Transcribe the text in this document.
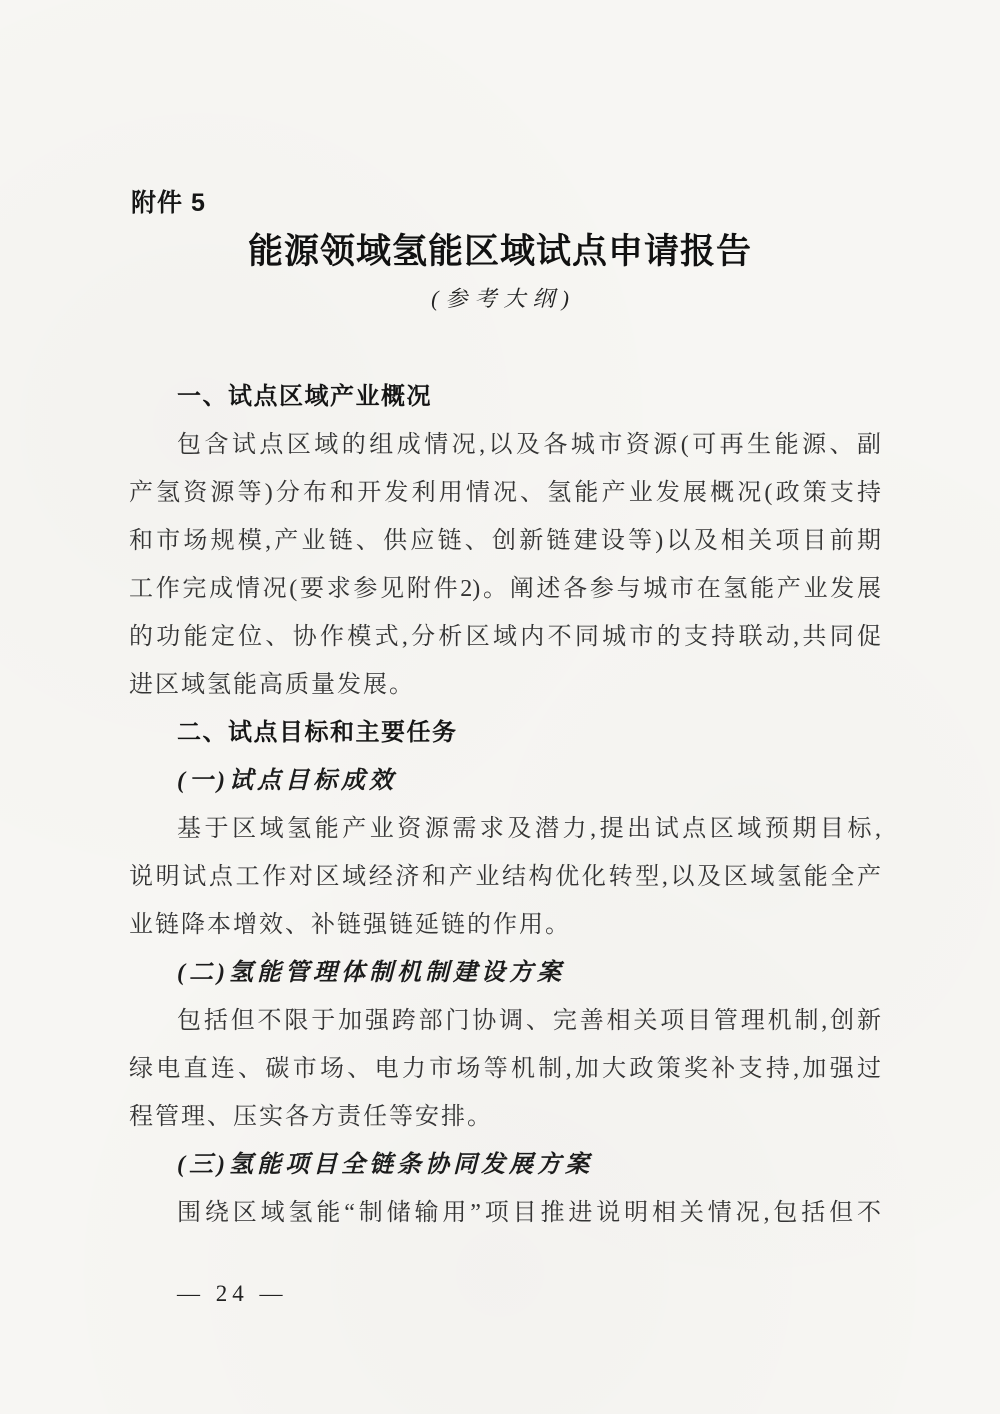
附件 5
能源领域氢能区域试点申请报告
(参考大纲)
一、试点区域产业概况
包含试点区域的组成情况,以及各城市资源(可再生能源、副
产氢资源等)分布和开发利用情况、氢能产业发展概况(政策支持
和市场规模,产业链、供应链、创新链建设等)以及相关项目前期
工作完成情况(要求参见附件2)。阐述各参与城市在氢能产业发展
的功能定位、协作模式,分析区域内不同城市的支持联动,共同促
进区域氢能高质量发展。
二、试点目标和主要任务
(一)试点目标成效
基于区域氢能产业资源需求及潜力,提出试点区域预期目标,
说明试点工作对区域经济和产业结构优化转型,以及区域氢能全产
业链降本增效、补链强链延链的作用。
(二)氢能管理体制机制建设方案
包括但不限于加强跨部门协调、完善相关项目管理机制,创新
绿电直连、碳市场、电力市场等机制,加大政策奖补支持,加强过
程管理、压实各方责任等安排。
(三)氢能项目全链条协同发展方案
围绕区域氢能“制储输用”项目推进说明相关情况,包括但不
— 24 —
